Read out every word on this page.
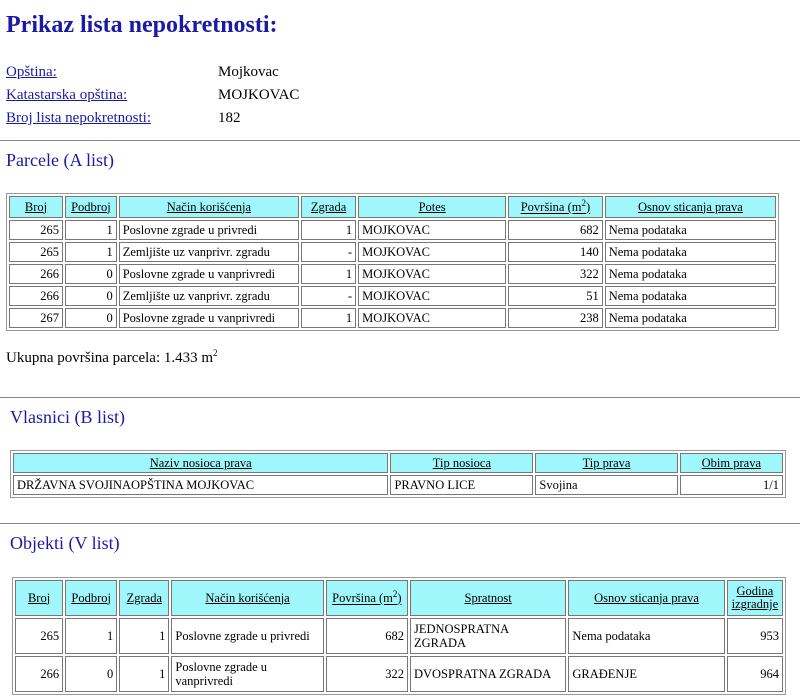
Prikaz lista nepokretnosti:
Opština:	Mojkovac
Katastarska opština:	MOJKOVAC
Broj lista nepokretnosti:	182
Parcele (A list)
Broj	Podbroj	Način korišćenja	Zgrada	Potes	Površina $(m^2)$	Osnov sticanja prava
265	1	Poslovne zgrade u privredi	1	MOJKOVAC	682	Nema podataka
265	1	Zemljište uz vanprivr. zgradu	-	MOJKOVAC	140	Nema podataka
266	0	Poslovne zgrade u vanprivredi	1	MOJKOVAC	322	Nema podataka
266	0	Zemljište uz vanprivr. zgradu	-	MOJKOVAC	51	Nema podataka
267	0	Poslovne zgrade u vanprivredi	1	MOJKOVAC	238	Nema podataka
Ukupna površina parcela: 1.433 $m^2$
Vlasnici (B list)
Naziv nosioca prava	Tip nosioca	Tip prava	Obim prava
DRŽAVNA SVOJINAOPŠTINA MOJKOVAC	PRAVNO LICE	Svojina	1/1
Objekti (V list)
Broj	Podbroj	Zgrada	Način korišćenja	Površina $(m^2)$	Spratnost	Osnov sticanja prava	Godina izgradnje
265	1	1	Poslovne zgrade u privredi	682	JEDNOSPRATNA ZGRADA	Nema podataka	953
266	0	1	Poslovne zgrade u vanprivredi	322	DVOSPRATNA ZGRADA	GRAĐENJE	964
